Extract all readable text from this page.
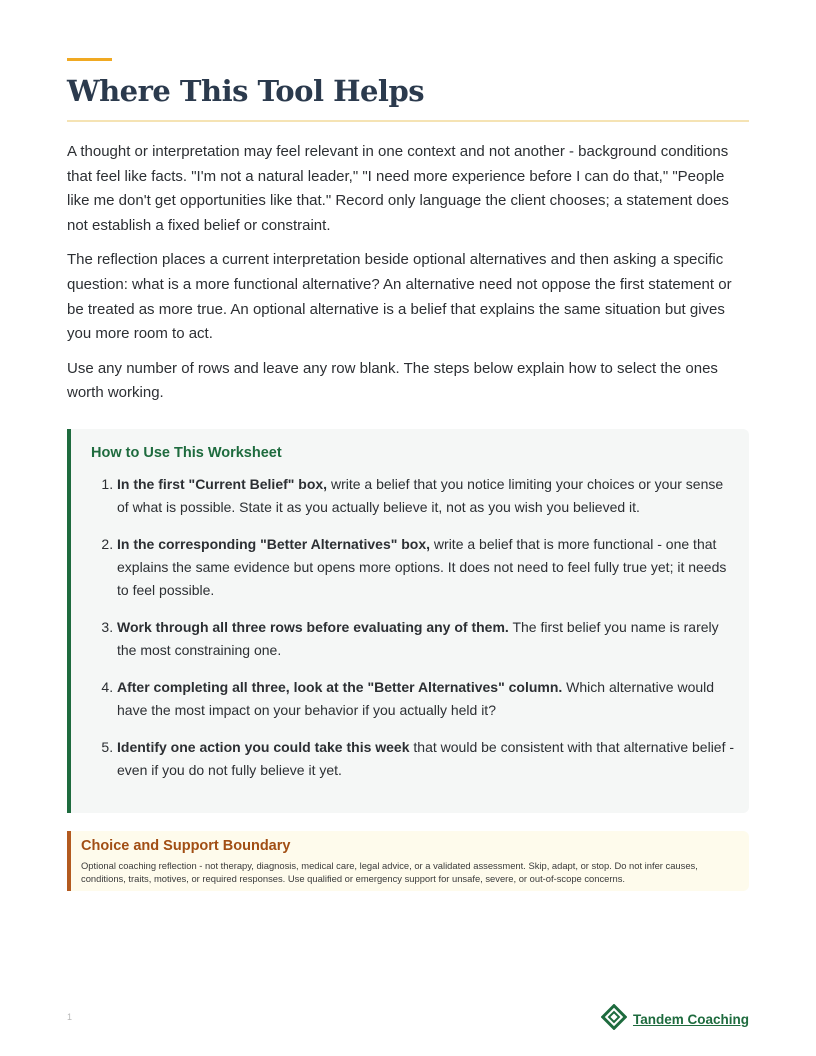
Where This Tool Helps

A thought or interpretation may feel relevant in one context and not another - background conditions that feel like facts. "I'm not a natural leader," "I need more experience before I can do that," "People like me don't get opportunities like that." Record only language the client chooses; a statement does not establish a fixed belief or constraint.

The reflection places a current interpretation beside optional alternatives and then asking a specific question: what is a more functional alternative? An alternative need not oppose the first statement or be treated as more true. An optional alternative is a belief that explains the same situation but gives you more room to act.

Use any number of rows and leave any row blank. The steps below explain how to select the ones worth working.

How to Use This Worksheet
1. In the first "Current Belief" box, write a belief that you notice limiting your choices or your sense of what is possible. State it as you actually believe it, not as you wish you believed it.
2. In the corresponding "Better Alternatives" box, write a belief that is more functional - one that explains the same evidence but opens more options. It does not need to feel fully true yet; it needs to feel possible.
3. Work through all three rows before evaluating any of them. The first belief you name is rarely the most constraining one.
4. After completing all three, look at the "Better Alternatives" column. Which alternative would have the most impact on your behavior if you actually held it?
5. Identify one action you could take this week that would be consistent with that alternative belief - even if you do not fully believe it yet.
Choice and Support Boundary

Optional coaching reflection - not therapy, diagnosis, medical care, legal advice, or a validated assessment. Skip, adapt, or stop. Do not infer causes, conditions, traits, motives, or required responses. Use qualified or emergency support for unsafe, severe, or out-of-scope concerns.

1	Tandem Coaching
